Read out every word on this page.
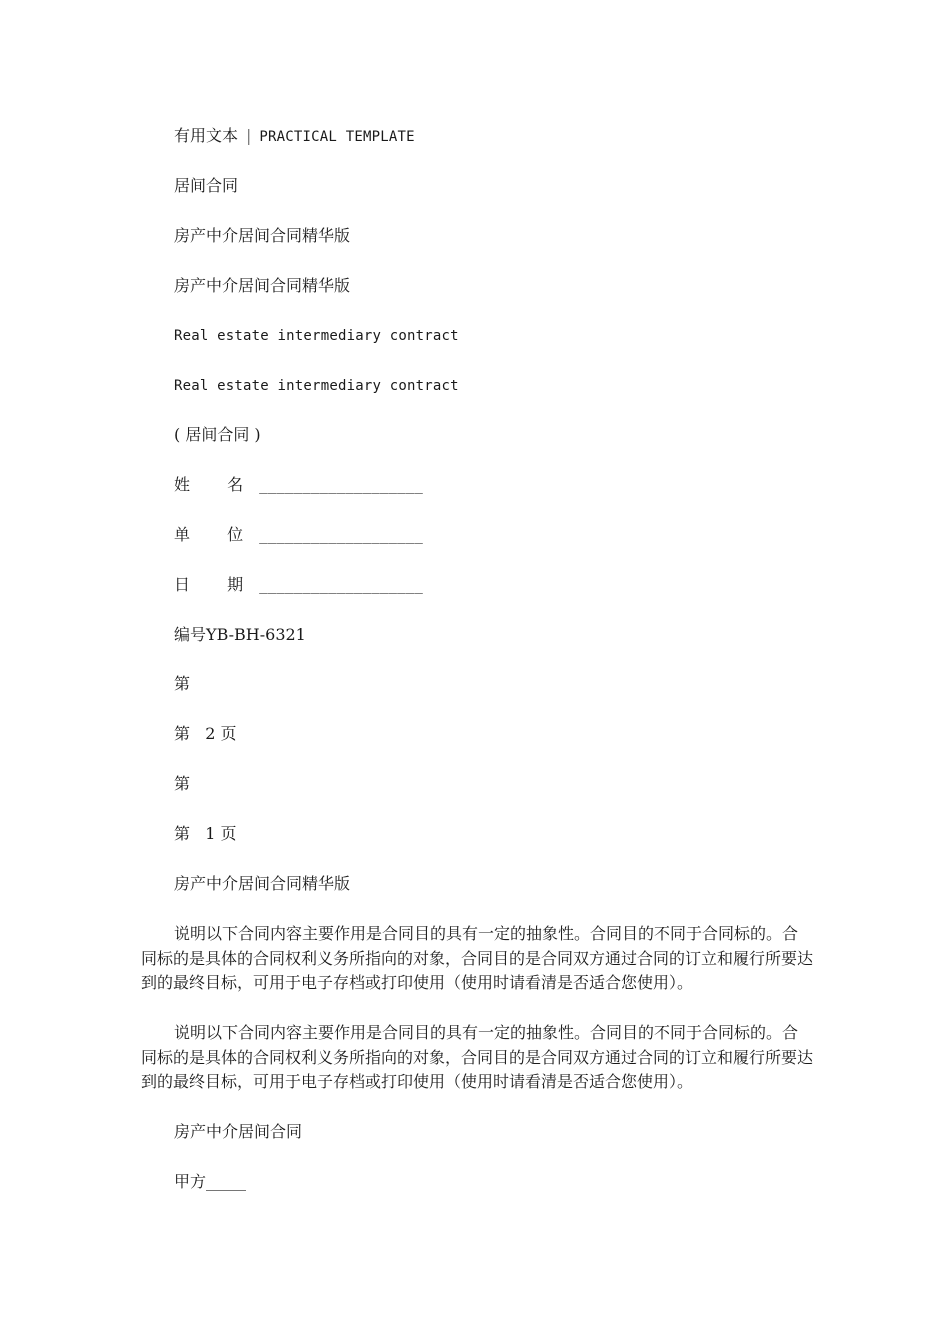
有用文本 | PRACTICAL TEMPLATE
居间合同
房产中介居间合同精华版
房产中介居间合同精华版
Real estate intermediary contract
Real estate intermediary contract
( 居间合同 )
姓 名___________________
单 位___________________
日 期___________________
编号YB-BH-6321
第
第   2 页
第
第   1 页
房产中介居间合同精华版
说明以下合同内容主要作用是合同目的具有一定的抽象性。合同目的不同于合同标的。合同标的是具体的合同权利义务所指向的对象，合同目的是合同双方通过合同的订立和履行所要达到的最终目标，可用于电子存档或打印使用（使用时请看清是否适合您使用）。
说明以下合同内容主要作用是合同目的具有一定的抽象性。合同目的不同于合同标的。合同标的是具体的合同权利义务所指向的对象，合同目的是合同双方通过合同的订立和履行所要达到的最终目标，可用于电子存档或打印使用（使用时请看清是否适合您使用）。
房产中介居间合同
甲方_____
